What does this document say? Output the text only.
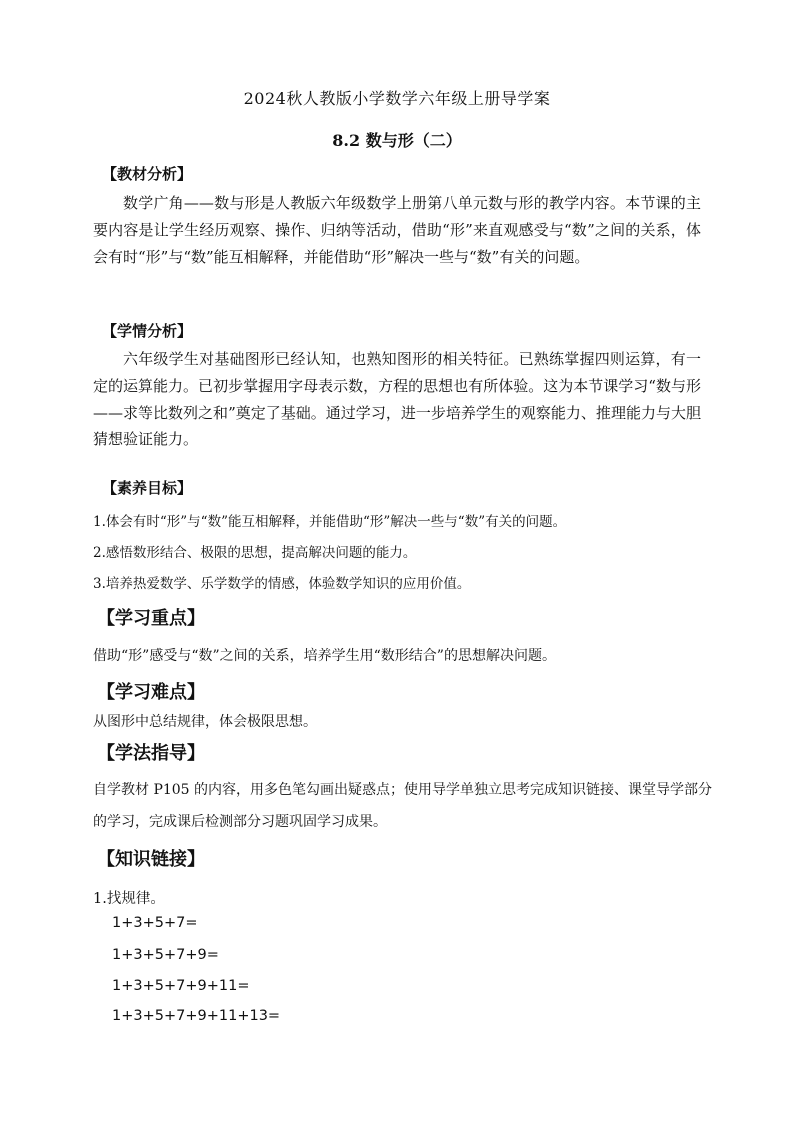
2024秋人教版小学数学六年级上册导学案
8.2 数与形（二）
【教材分析】

数学广角——数与形是人教版六年级数学上册第八单元数与形的教学内容。本节课的主要内容是让学生经历观察、操作、归纳等活动，借助“形”来直观感受与“数”之间的关系，体会有时“形”与“数”能互相解释，并能借助“形”解决一些与“数”有关的问题。

【学情分析】

六年级学生对基础图形已经认知，也熟知图形的相关特征。已熟练掌握四则运算，有一定的运算能力。已初步掌握用字母表示数，方程的思想也有所体验。这为本节课学习“数与形——求等比数列之和”奠定了基础。通过学习，进一步培养学生的观察能力、推理能力与大胆猜想验证能力。

【素养目标】
1.体会有时“形”与“数”能互相解释，并能借助“形”解决一些与“数”有关的问题。
2.感悟数形结合、极限的思想，提高解决问题的能力。
3.培养热爱数学、乐学数学的情感，体验数学知识的应用价值。
【学习重点】
借助“形”感受与“数”之间的关系，培养学生用“数形结合”的思想解决问题。
【学习难点】
从图形中总结规律，体会极限思想。
【学法指导】
自学教材 P105 的内容，用多色笔勾画出疑惑点；使用导学单独立思考完成知识链接、课堂导学部分
的学习，完成课后检测部分习题巩固学习成果。
【知识链接】
1.找规律。
1+3+5+7=
1+3+5+7+9=
1+3+5+7+9+11=
1+3+5+7+9+11+13=
